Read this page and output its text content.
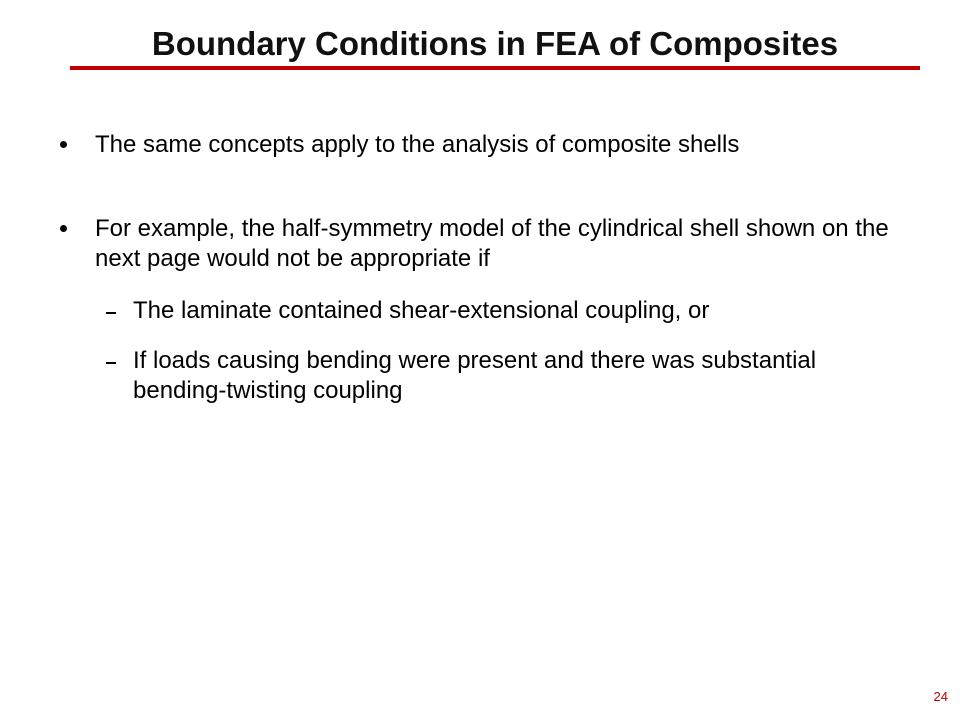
Boundary Conditions in FEA of Composites
The same concepts apply to the analysis of composite shells
For example, the half-symmetry model of the cylindrical shell shown on the next page would not be appropriate if
The laminate contained shear-extensional coupling, or
If loads causing bending were present and there was substantial bending-twisting coupling
24
